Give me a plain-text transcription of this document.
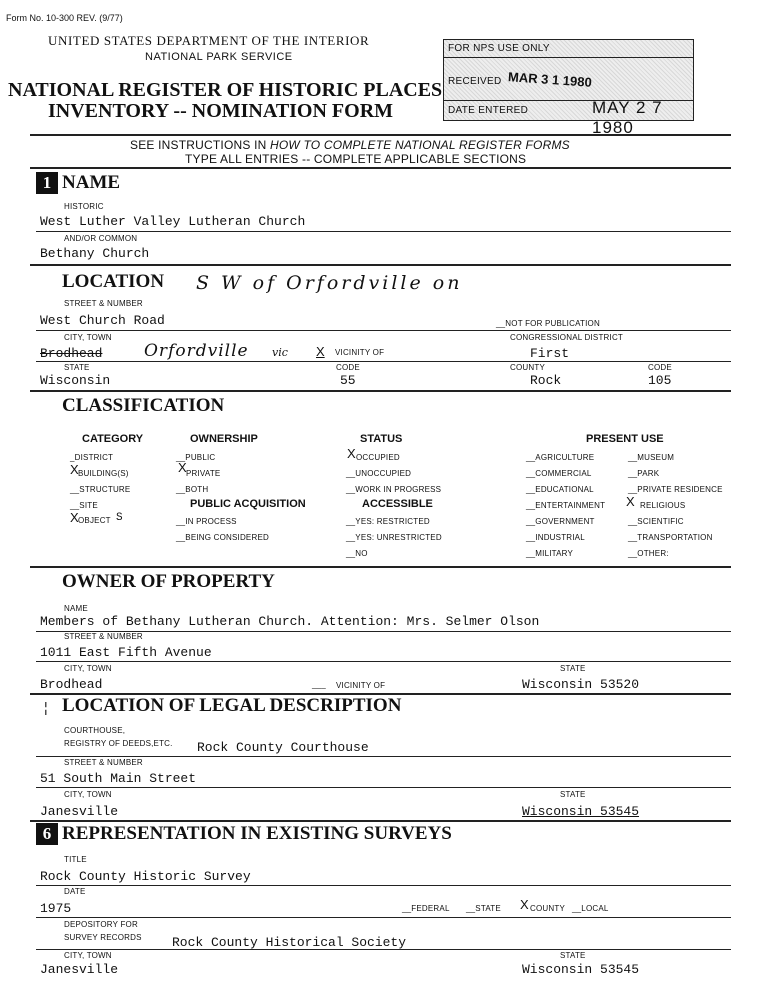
Form No. 10-300 REV. (9/77)
UNITED STATES DEPARTMENT OF THE INTERIOR
NATIONAL PARK SERVICE
NATIONAL REGISTER OF HISTORIC PLACES
INVENTORY -- NOMINATION FORM
FOR NPS USE ONLY
RECEIVED MAR 3 1 1980
DATE ENTERED	MAY 2 7 1980
SEE INSTRUCTIONS IN HOW TO COMPLETE NATIONAL REGISTER FORMS
TYPE ALL ENTRIES -- COMPLETE APPLICABLE SECTIONS
1 NAME
HISTORIC
West Luther Valley Lutheran Church
AND/OR COMMON
Bethany Church
LOCATION S W of Orfordville on
STREET & NUMBER
West Church Road	__NOT FOR PUBLICATION
CITY, TOWN	CONGRESSIONAL DISTRICT
Brodhead Orfordville vic X VICINITY OF	First
STATE	CODE	COUNTY	CODE
Wisconsin	55	Rock	105
CLASSIFICATION
CATEGORY
_DISTRICT
X BUILDING(S)
__STRUCTURE
__SITE
X OBJECT S
OWNERSHIP
__PUBLIC
X PRIVATE
__BOTH
PUBLIC ACQUISITION
__IN PROCESS
__BEING CONSIDERED
STATUS
X OCCUPIED
__UNOCCUPIED
__WORK IN PROGRESS
ACCESSIBLE
__YES: RESTRICTED
__YES: UNRESTRICTED
__NO
PRESENT USE
__AGRICULTURE
__COMMERCIAL
__EDUCATIONAL
__ENTERTAINMENT
__GOVERNMENT
__INDUSTRIAL
__MILITARY
__MUSEUM
__PARK
__PRIVATE RESIDENCE
X RELIGIOUS
__SCIENTIFIC
__TRANSPORTATION
__OTHER:
OWNER OF PROPERTY
NAME
Members of Bethany Lutheran Church. Attention: Mrs. Selmer Olson
STREET & NUMBER
1011 East Fifth Avenue
CITY, TOWN	STATE
Brodhead	___ VICINITY OF	Wisconsin 53520
¦ LOCATION OF LEGAL DESCRIPTION
COURTHOUSE,
REGISTRY OF DEEDS,ETC. Rock County Courthouse
STREET & NUMBER
51 South Main Street
CITY, TOWN	STATE
Janesville	Wisconsin 53545
6 REPRESENTATION IN EXISTING SURVEYS
TITLE
Rock County Historic Survey
DATE
1975	__FEDERAL __STATE X COUNTY __LOCAL
DEPOSITORY FOR
SURVEY RECORDS Rock County Historical Society
CITY, TOWN	STATE
Janesville	Wisconsin 53545
